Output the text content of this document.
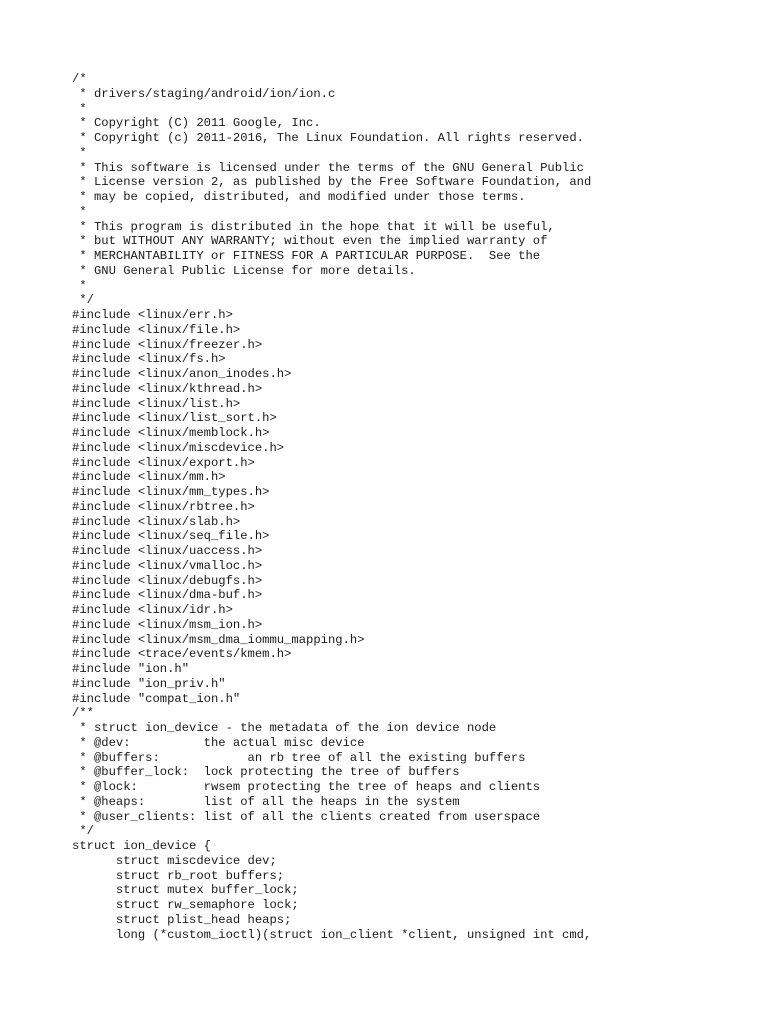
/*
* drivers/staging/android/ion/ion.c
*
* Copyright (C) 2011 Google, Inc.
* Copyright (c) 2011-2016, The Linux Foundation. All rights reserved.
*
* This software is licensed under the terms of the GNU General Public
* License version 2, as published by the Free Software Foundation, and
* may be copied, distributed, and modified under those terms.
*
* This program is distributed in the hope that it will be useful,
* but WITHOUT ANY WARRANTY; without even the implied warranty of
* MERCHANTABILITY or FITNESS FOR A PARTICULAR PURPOSE.  See the
* GNU General Public License for more details.
*
*/
#include <linux/err.h>
#include <linux/file.h>
#include <linux/freezer.h>
#include <linux/fs.h>
#include <linux/anon_inodes.h>
#include <linux/kthread.h>
#include <linux/list.h>
#include <linux/list_sort.h>
#include <linux/memblock.h>
#include <linux/miscdevice.h>
#include <linux/export.h>
#include <linux/mm.h>
#include <linux/mm_types.h>
#include <linux/rbtree.h>
#include <linux/slab.h>
#include <linux/seq_file.h>
#include <linux/uaccess.h>
#include <linux/vmalloc.h>
#include <linux/debugfs.h>
#include <linux/dma-buf.h>
#include <linux/idr.h>
#include <linux/msm_ion.h>
#include <linux/msm_dma_iommu_mapping.h>
#include <trace/events/kmem.h>
#include "ion.h"
#include "ion_priv.h"
#include "compat_ion.h"
/**
* struct ion_device - the metadata of the ion device node
* @dev:          the actual misc device
* @buffers:            an rb tree of all the existing buffers
* @buffer_lock:  lock protecting the tree of buffers
* @lock:         rwsem protecting the tree of heaps and clients
* @heaps:        list of all the heaps in the system
* @user_clients: list of all the clients created from userspace
*/
struct ion_device {
struct miscdevice dev;
struct rb_root buffers;
struct mutex buffer_lock;
struct rw_semaphore lock;
struct plist_head heaps;
long (*custom_ioctl)(struct ion_client *client, unsigned int cmd,
